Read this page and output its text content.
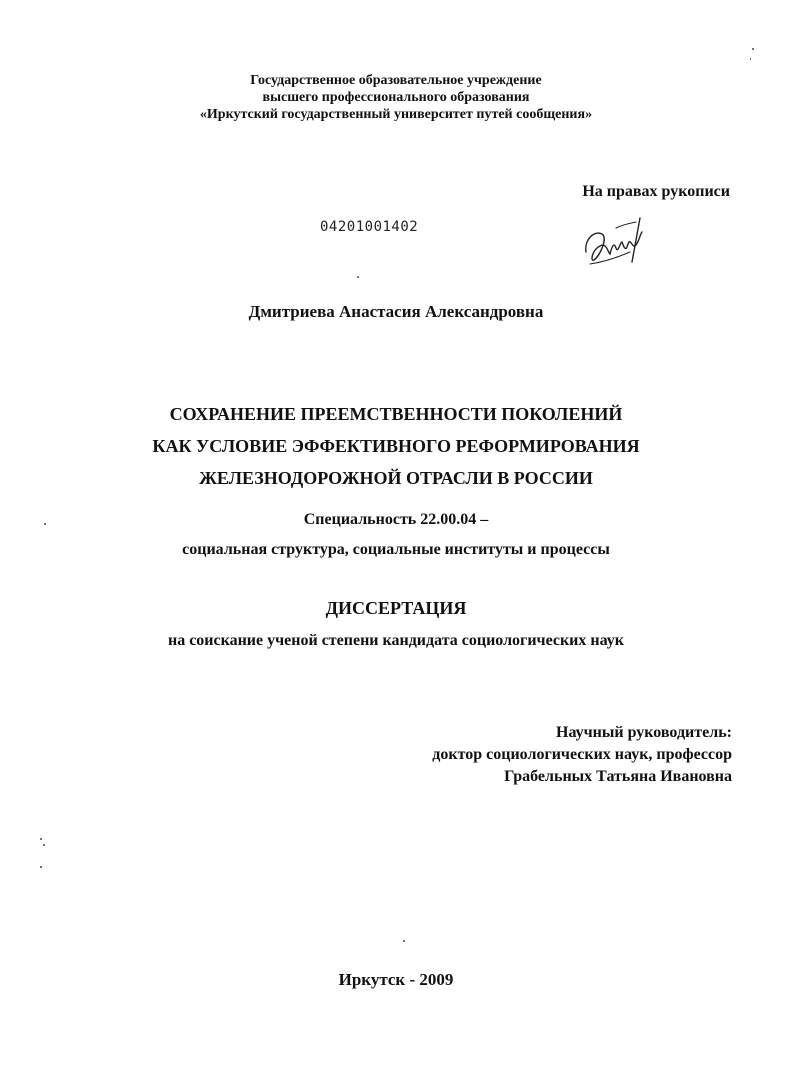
Государственное образовательное учреждение
высшего профессионального образования
«Иркутский государственный университет путей сообщения»
На правах рукописи
04201001402
Дмитриева Анастасия Александровна
СОХРАНЕНИЕ ПРЕЕМСТВЕННОСТИ ПОКОЛЕНИЙ
КАК УСЛОВИЕ ЭФФЕКТИВНОГО РЕФОРМИРОВАНИЯ
ЖЕЛЕЗНОДОРОЖНОЙ ОТРАСЛИ В РОССИИ
Специальность 22.00.04 –
социальная структура, социальные институты и процессы
ДИССЕРТАЦИЯ
на соискание ученой степени кандидата социологических наук
Научный руководитель:
доктор социологических наук, профессор
Грабельных Татьяна Ивановна
Иркутск - 2009
